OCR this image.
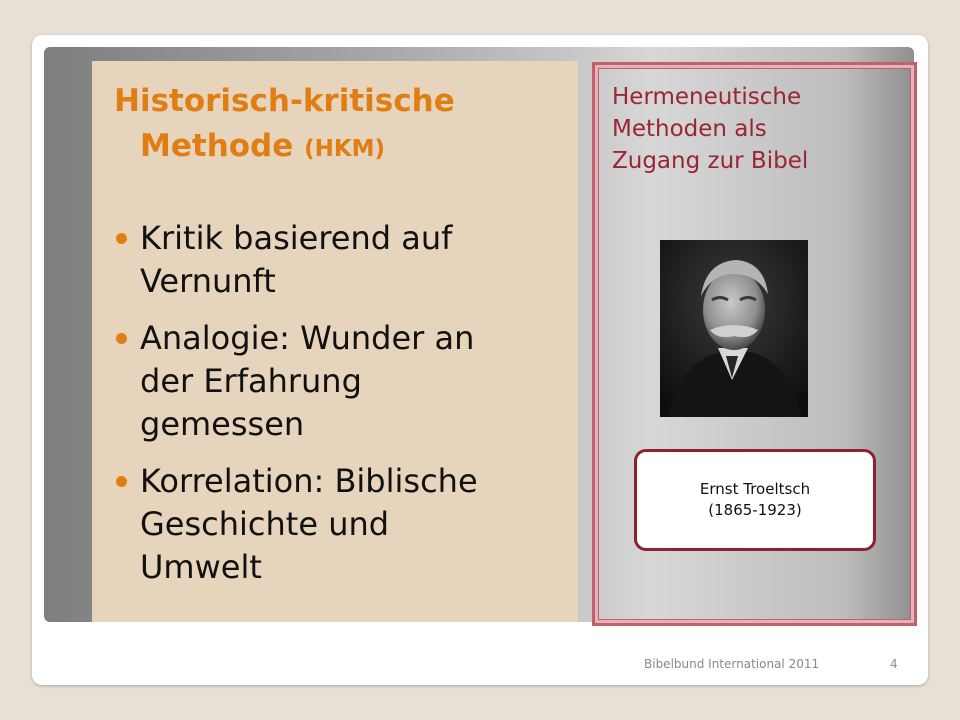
Historisch-kritische
Methode (HKM)
Kritik basierend auf
Vernunft
Analogie: Wunder an
der Erfahrung
gemessen
Korrelation: Biblische
Geschichte und
Umwelt
Hermeneutische
Methoden als
Zugang zur Bibel
Ernst Troeltsch
(1865-1923)
Bibelbund International 2011	4
